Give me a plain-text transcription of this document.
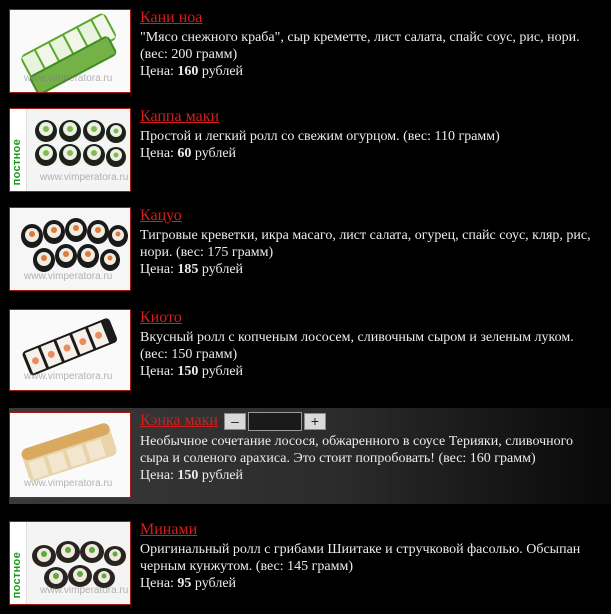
www.vimperatora.ru
Кани ноа
"Мясо снежного краба", сыр креметте, лист салата, спайс соус, рис, нори. (вес: 200 грамм)
Цена: 160 рублей
постное www.vimperatora.ru
Каппа маки
Простой и легкий ролл со свежим огурцом. (вес: 110 грамм)
Цена: 60 рублей
www.vimperatora.ru
Кацуо
Тигровые креветки, икра масаго, лист салата, огурец, спайс соус, кляр, рис, нори. (вес: 175 грамм)
Цена: 185 рублей
www.vimperatora.ru
Киото
Вкусный ролл с копченым лососем, сливочным сыром и зеленым луком. (вес: 150 грамм)
Цена: 150 рублей
www.vimperatora.ru
Кэнка маки –	+
Необычное сочетание лосося, обжаренного в соусе Терияки, сливочного сыра и соленого арахиса. Это стоит попробовать! (вес: 160 грамм)
Цена: 150 рублей
постное www.vimperatora.ru
Минами
Оригинальный ролл с грибами Шиитаке и стручковой фасолью. Обсыпан черным кунжутом. (вес: 145 грамм)
Цена: 95 рублей
